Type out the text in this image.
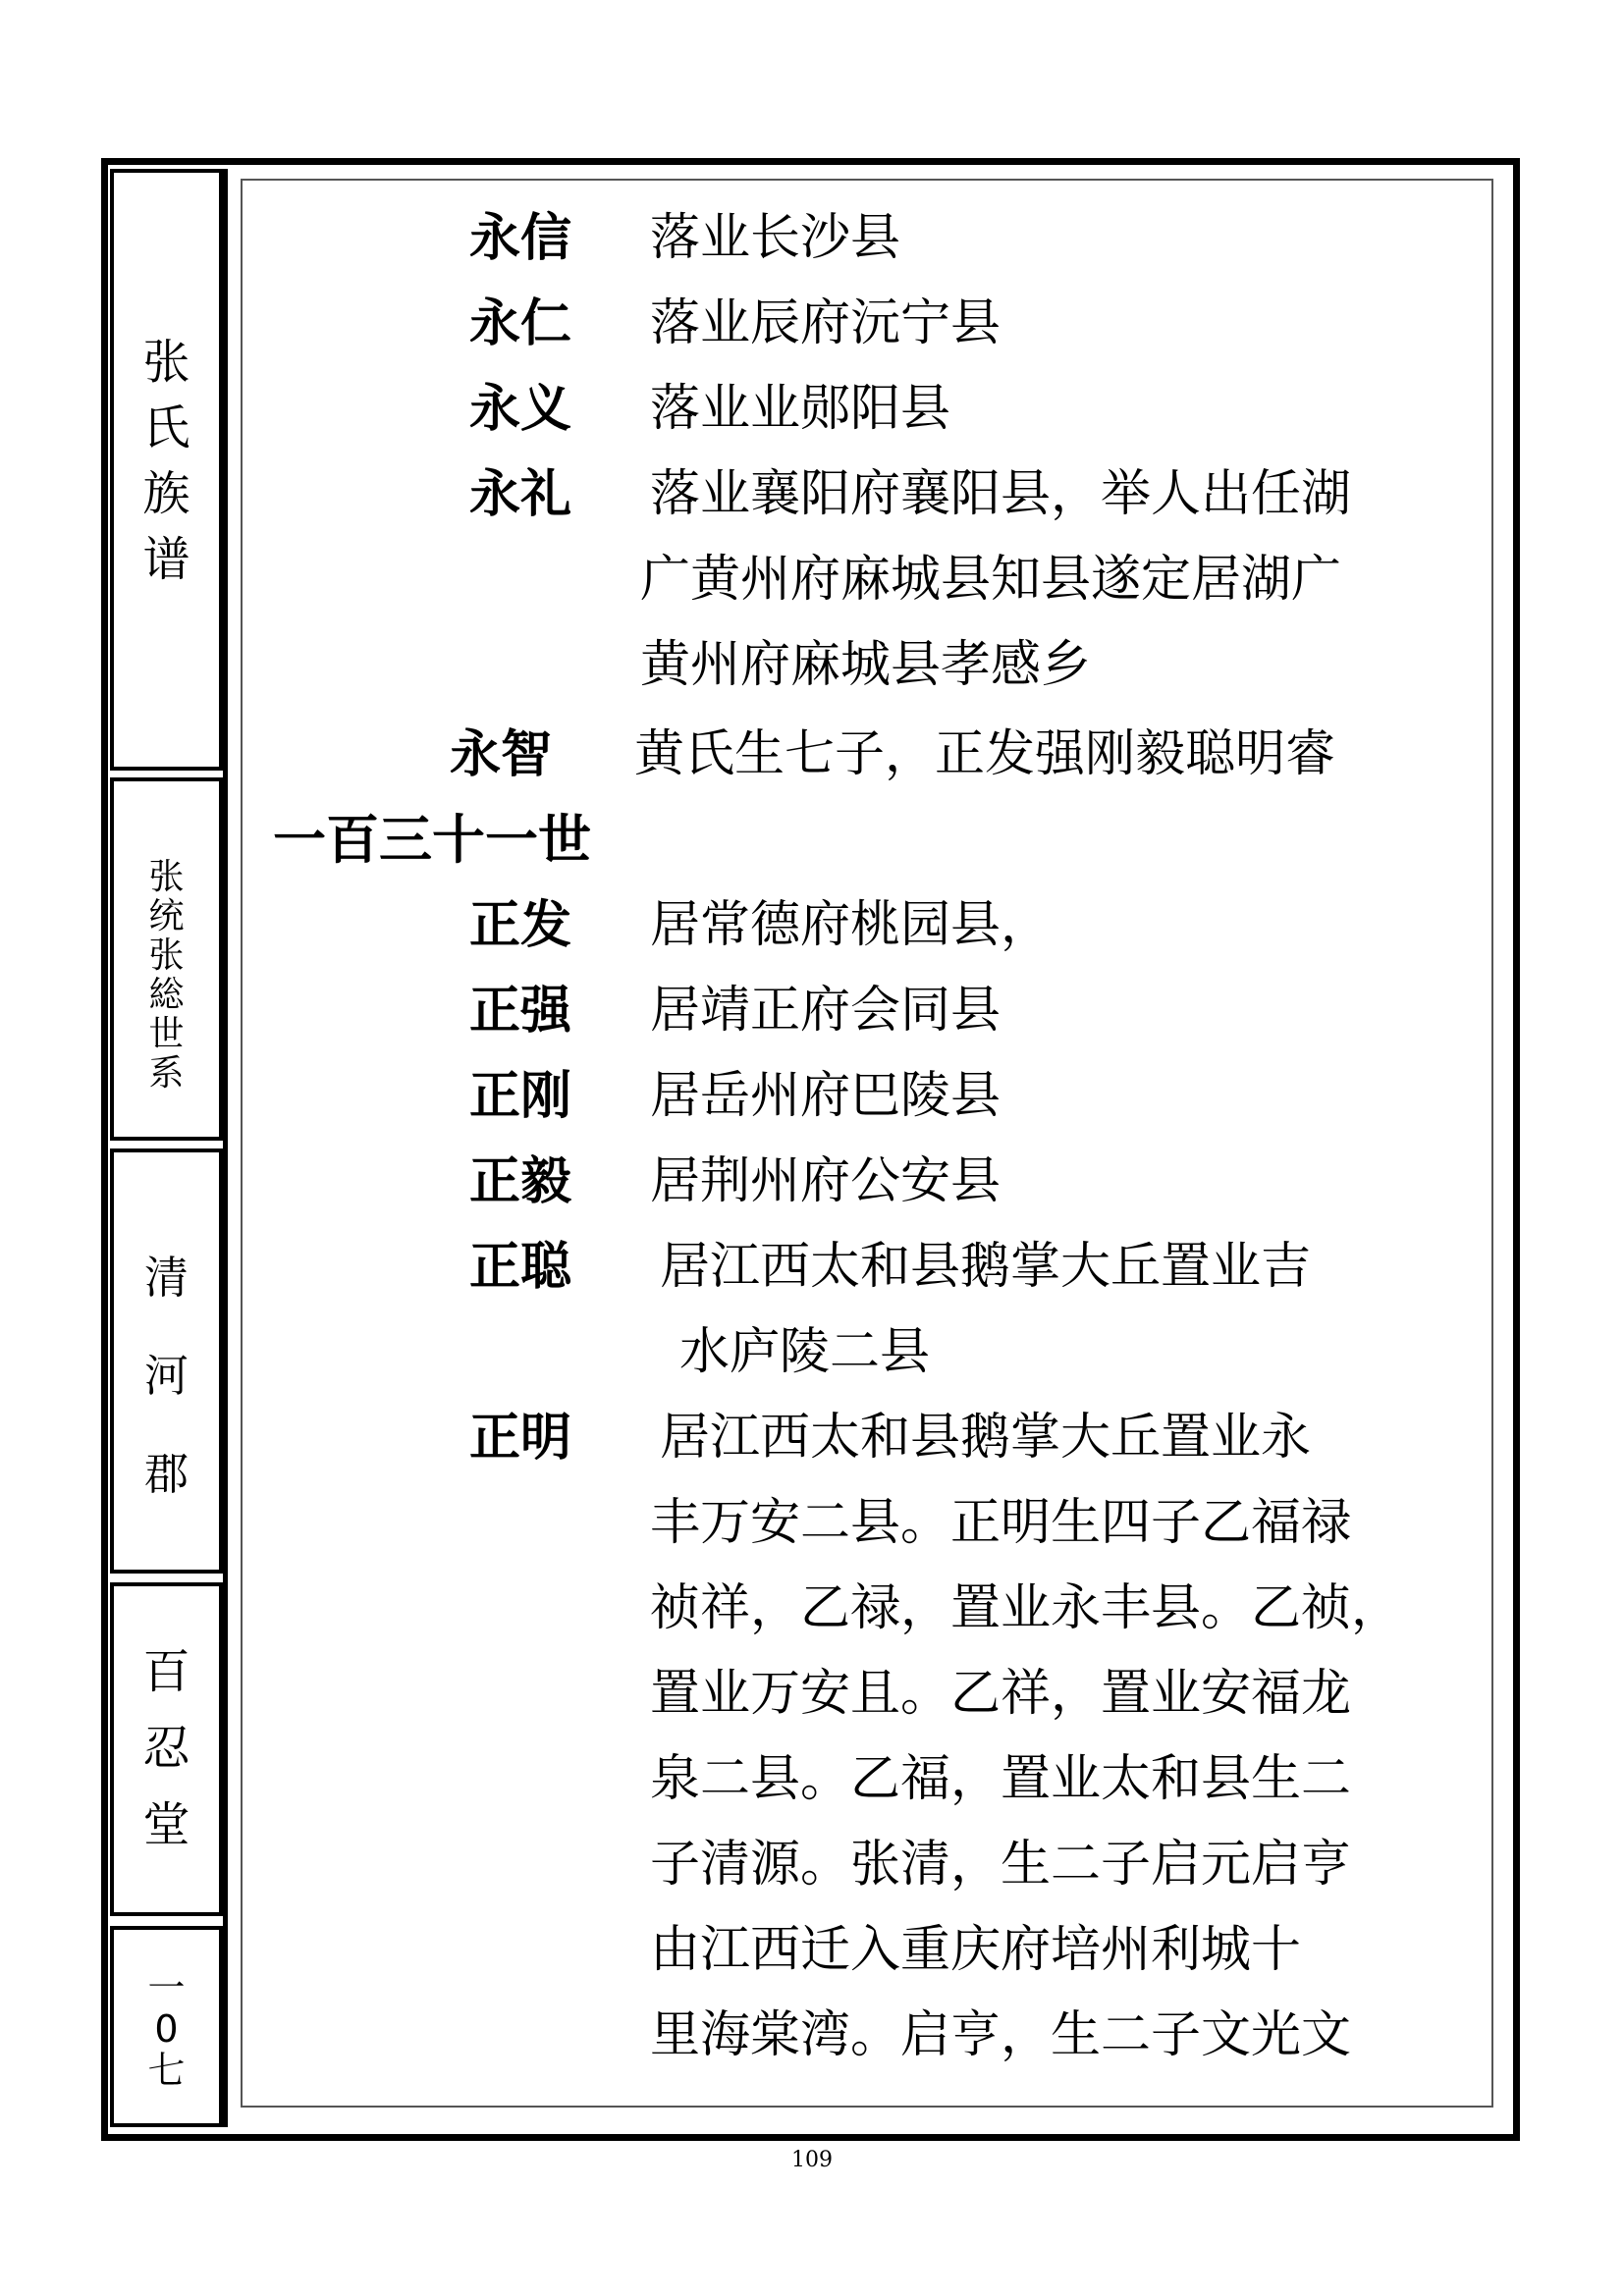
张
氏
族
谱
张
统
张
総
世
系
清
河
郡
百
忍
堂
一
0
七
永信 落业长沙县
永仁 落业辰府沅宁县
永义 落业业郧阳县
永礼 落业襄阳府襄阳县，举人出任湖
广黄州府麻城县知县遂定居湖广
黄州府麻城县孝感乡
永智 黄氏生七子，正发强刚毅聪明睿
一百三十一世
正发 居常德府桃园县，
正强 居靖正府会同县
正刚 居岳州府巴陵县
正毅 居荆州府公安县
正聪 居江西太和县鹅掌大丘置业吉
水庐陵二县
正明 居江西太和县鹅掌大丘置业永
丰万安二县。正明生四子乙福禄
祯祥，乙禄，置业永丰县。乙祯，
置业万安且。乙祥，置业安福龙
泉二县。乙福，置业太和县生二
子清源。张清，生二子启元启亨
由江西迁入重庆府培州利城十
里海棠湾。启亨，生二子文光文
109
